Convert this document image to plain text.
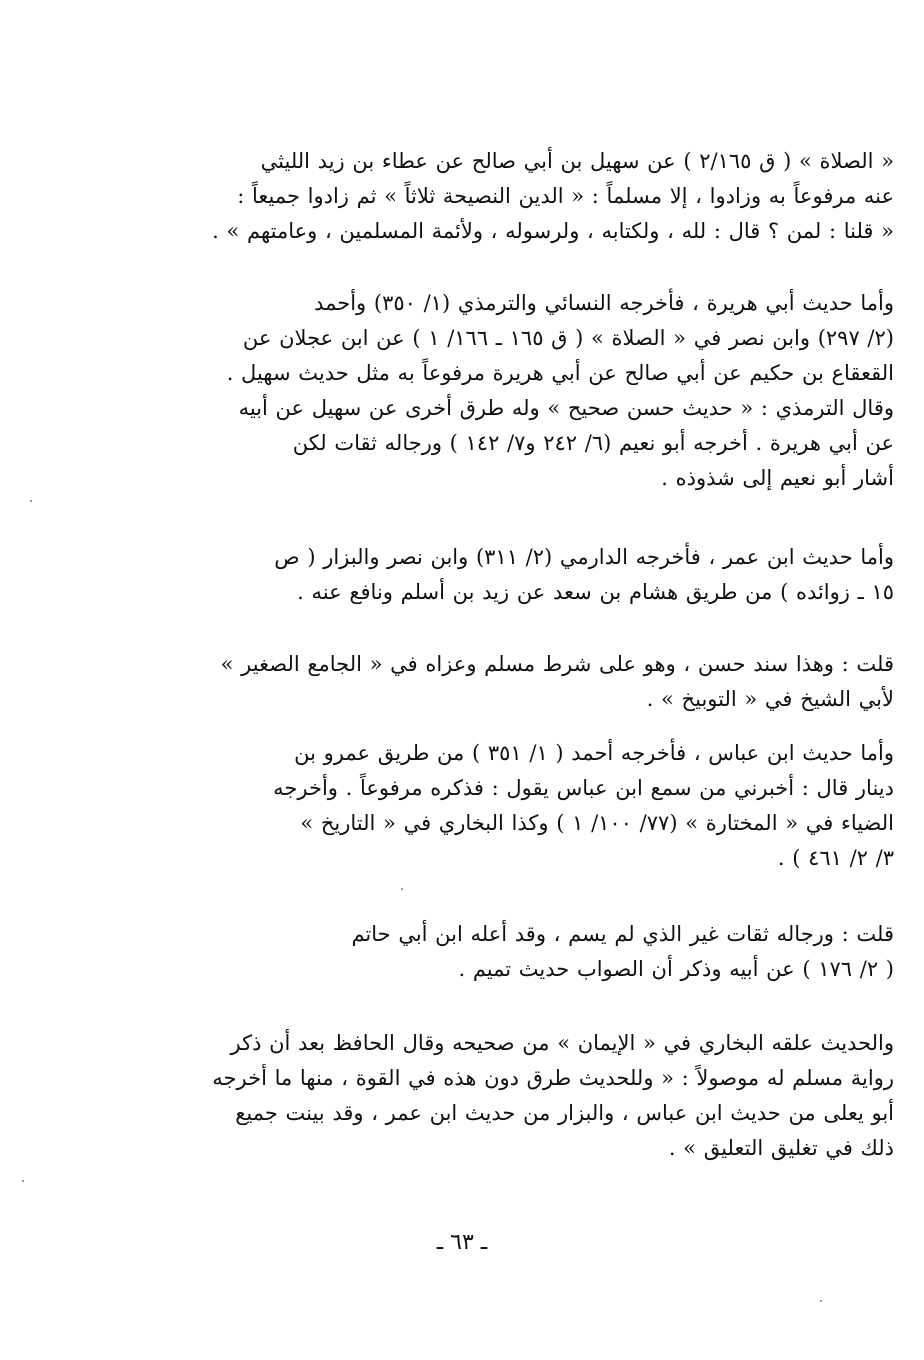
« الصلاة » ( ق ٢/١٦٥ ) عن سهيل بن أبي صالح عن عطاء بن زيد الليثي
عنه مرفوعاً به وزادوا ، إلا مسلماً : « الدين النصيحة ثلاثاً » ثم زادوا جميعاً :
« قلنا : لمن ؟ قال : لله ، ولكتابه ، ولرسوله ، ولأئمة المسلمين ، وعامتهم » .
وأما حديث أبي هريرة ، فأخرجه النسائي والترمذي (١/ ٣٥٠) وأحمد
(٢/ ٢٩٧) وابن نصر في « الصلاة » ( ق ١٦٥ ـ ١٦٦/ ١ ) عن ابن عجلان عن
القعقاع بن حكيم عن أبي صالح عن أبي هريرة مرفوعاً به مثل حديث سهيل .
وقال الترمذي : « حديث حسن صحيح » وله طرق أخرى عن سهيل عن أبيه
عن أبي هريرة . أخرجه أبو نعيم (٦/ ٢٤٢ و٧/ ١٤٢ ) ورجاله ثقات لكن
أشار أبو نعيم إلى شذوذه .
وأما حديث ابن عمر ، فأخرجه الدارمي (٢/ ٣١١) وابن نصر والبزار ( ص
١٥ ـ زوائده ) من طريق هشام بن سعد عن زيد بن أسلم ونافع عنه .
قلت : وهذا سند حسن ، وهو على شرط مسلم وعزاه في « الجامع الصغير »
لأبي الشيخ في « التوبيخ » .
وأما حديث ابن عباس ، فأخرجه أحمد ( ١/ ٣٥١ ) من طريق عمرو بن
دينار قال : أخبرني من سمع ابن عباس يقول : فذكره مرفوعاً . وأخرجه
الضياء في « المختارة » (٧٧/ ١٠٠/ ١ ) وكذا البخاري في « التاريخ »
٣/ ٢/ ٤٦١ ) .
قلت : ورجاله ثقات غير الذي لم يسم ، وقد أعله ابن أبي حاتم
( ٢/ ١٧٦ ) عن أبيه وذكر أن الصواب حديث تميم .
والحديث علقه البخاري في « الإيمان » من صحيحه وقال الحافظ بعد أن ذكر
رواية مسلم له موصولاً : « وللحديث طرق دون هذه في القوة ، منها ما أخرجه
أبو يعلى من حديث ابن عباس ، والبزار من حديث ابن عمر ، وقد بينت جميع
ذلك في تغليق التعليق » .
ـ ٦٣ ـ
